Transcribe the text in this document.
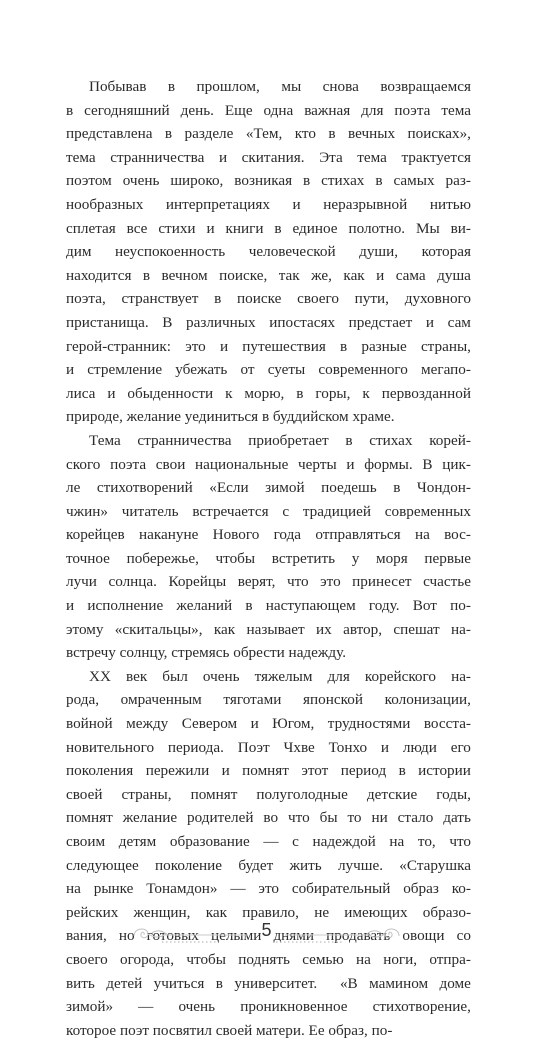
Побывав в прошлом, мы снова возвращаемся
в сегодняшний день. Еще одна важная для поэта тема
представлена в разделе «Тем, кто в вечных поисках»,
тема странничества и скитания. Эта тема трактуется
поэтом очень широко, возникая в стихах в самых раз-
нообразных интерпретациях и неразрывной нитью
сплетая все стихи и книги в единое полотно. Мы ви-
дим неуспокоенность человеческой души, которая
находится в вечном поиске, так же, как и сама душа
поэта, странствует в поиске своего пути, духовного
пристанища. В различных ипостасях предстает и сам
герой-странник: это и путешествия в разные страны,
и стремление убежать от суеты современного мегапо-
лиса и обыденности к морю, в горы, к первозданной
природе, желание уединиться в буддийском храме.
Тема странничества приобретает в стихах корей-
ского поэта свои национальные черты и формы. В цик-
ле стихотворений «Если зимой поедешь в Чондон-
чжин» читатель встречается с традицией современных
корейцев накануне Нового года отправляться на вос-
точное побережье, чтобы встретить у моря первые
лучи солнца. Корейцы верят, что это принесет счастье
и исполнение желаний в наступающем году. Вот по-
этому «скитальцы», как называет их автор, спешат на-
встречу солнцу, стремясь обрести надежду.
XX век был очень тяжелым для корейского на-
рода, омраченным тяготами японской колонизации,
войной между Севером и Югом, трудностями восста-
новительного периода. Поэт Чхве Тонхо и люди его
поколения пережили и помнят этот период в истории
своей страны, помнят полуголодные детские годы,
помнят желание родителей во что бы то ни стало дать
своим детям образование — с надеждой на то, что
следующее поколение будет жить лучше. «Старушка
на рынке Тонамдон» — это собирательный образ ко-
рейских женщин, как правило, не имеющих образо-
вания, но готовых целыми днями продавать овощи со
своего огорода, чтобы поднять семью на ноги, отпра-
вить детей учиться в университет. «В мамином доме
зимой» — очень проникновенное стихотворение,
которое поэт посвятил своей матери. Ее образ, по-
5
